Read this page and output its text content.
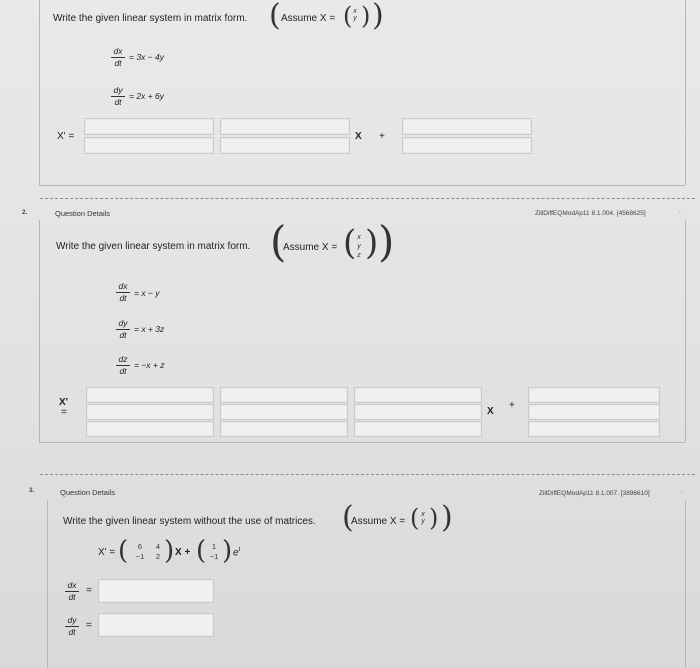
Write the given linear system in matrix form. ( Assume X = ( x
y ) )
$\frac{dx}{dt} = 3x - 4y$
$\frac{dy}{dt} = 2x + 6y$
X' =	X +
2.	Question Details	ZillDiffEQModAp11 8.1.004. [4568625]	.
Write the given linear system in matrix form. (
Assume X = ( x
y
z ) )
$\frac{dx}{dt} = x - y$
$\frac{dy}{dt} = x + 3z$
$\frac{dz}{dt} = -x + z$
X'
=	X
+
3.	Question Details	ZillDiffEQModAp11 8.1.007. [3896610]	.
Write the given linear system without the use of matrices. (
Assume X = ( x
y ) )
X' = (	6 4
−1 2 ) X + ( 1
−1 ) $e^t$
$\frac{dx}{dt}$ =
$\frac{dy}{dt}$ =
